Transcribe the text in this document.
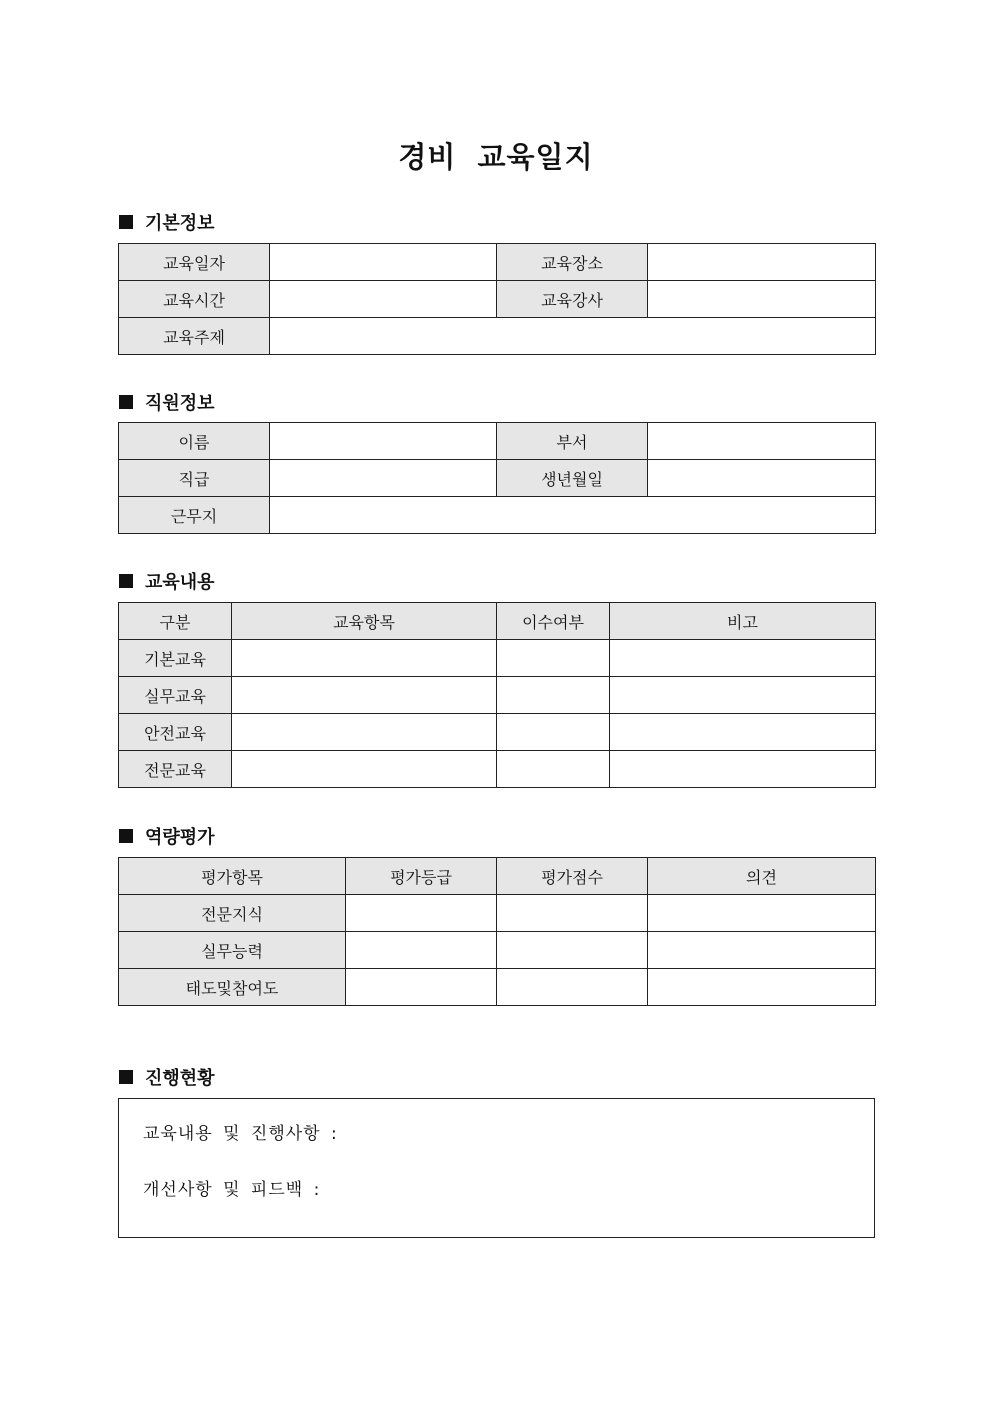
경비 교육일지
기본정보
교육일자		교육장소	
교육시간		교육강사	
교육주제			
직원정보
이름		부서	
직급		생년월일	
근무지			
교육내용
구분	교육항목	이수여부	비고
기본교육			
실무교육			
안전교육			
전문교육			
역량평가
평가항목	평가등급	평가점수	의견
전문지식			
실무능력			
태도및참여도			
진행현황
교육내용 및 진행사항 :
개선사항 및 피드백 :
